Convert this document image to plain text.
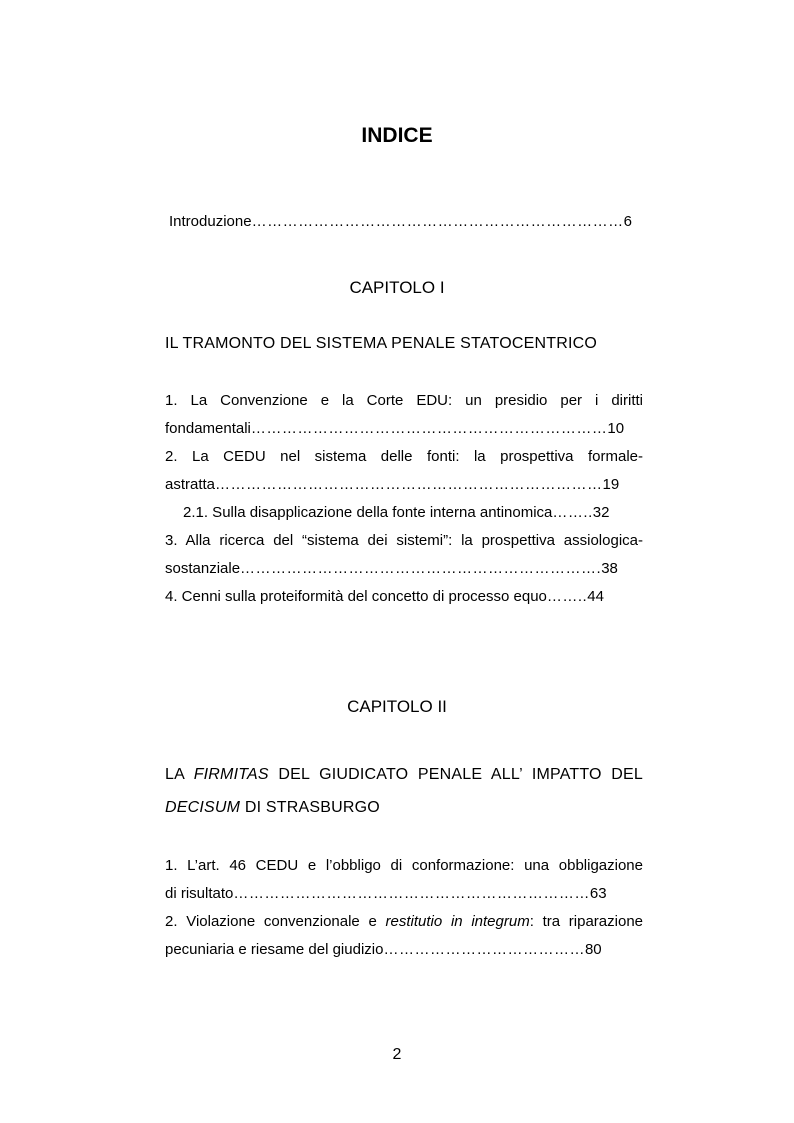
INDICE
Introduzione………………………………………………………………6
CAPITOLO I
IL TRAMONTO DEL SISTEMA PENALE STATOCENTRICO
1. La Convenzione e la Corte EDU: un presidio per i diritti
fondamentali……………………………………………………………10
2. La CEDU nel sistema delle fonti: la prospettiva formale-
astratta…………………………………………………………………19
2.1. Sulla disapplicazione della fonte interna antinomica……..32
3. Alla ricerca del “sistema dei sistemi”: la prospettiva assiologica-
sostanziale…………………………………………………………….38
4. Cenni sulla proteiformità del concetto di processo equo……..44
CAPITOLO II
LA FIRMITAS DEL GIUDICATO PENALE ALL’ IMPATTO DEL
DECISUM DI STRASBURGO
1. L’art. 46 CEDU e l’obbligo di conformazione: una obbligazione
di risultato……………………………………………………………63
2. Violazione convenzionale e restitutio in integrum: tra riparazione
pecuniaria e riesame del giudizio…………………………………80
2
